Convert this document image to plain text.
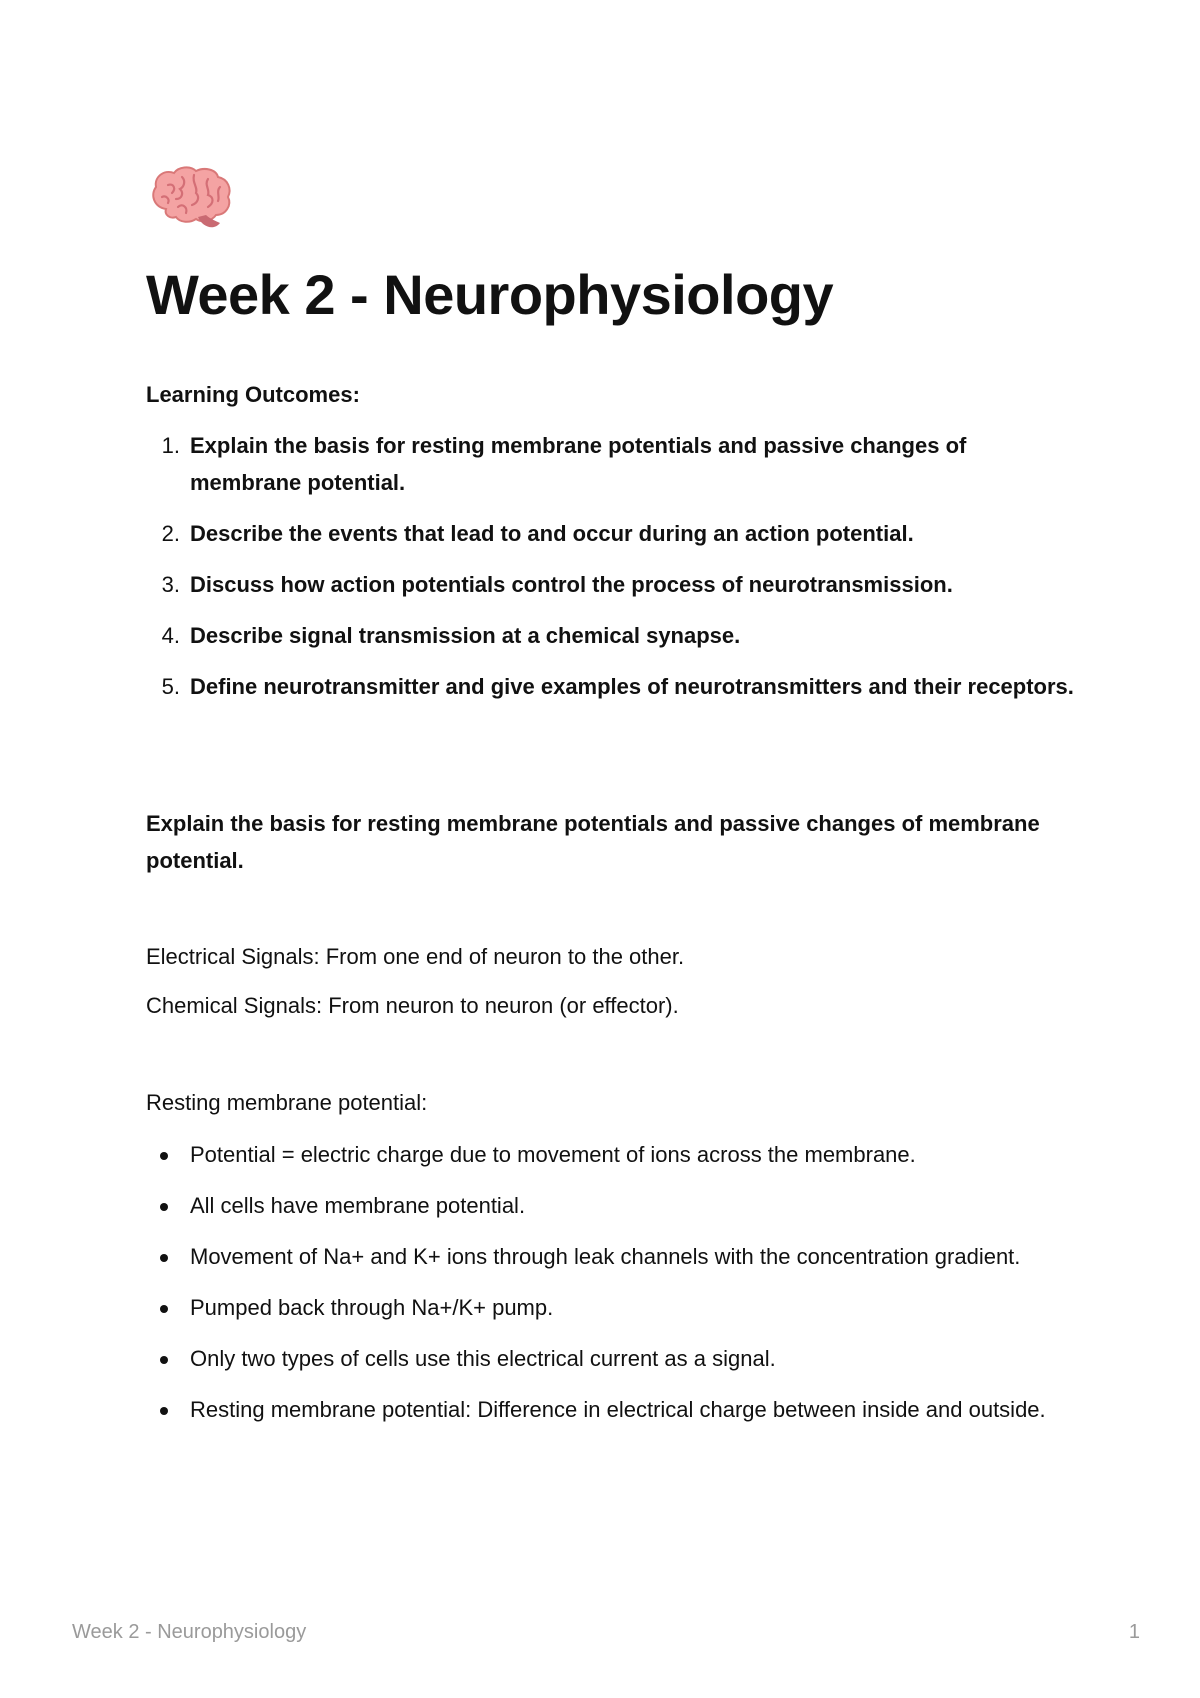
Week 2 - Neurophysiology
Learning Outcomes:
1. Explain the basis for resting membrane potentials and passive changes of membrane potential.
2. Describe the events that lead to and occur during an action potential.
3. Discuss how action potentials control the process of neurotransmission.
4. Describe signal transmission at a chemical synapse.
5. Define neurotransmitter and give examples of neurotransmitters and their receptors.
Explain the basis for resting membrane potentials and passive changes of membrane potential.

Electrical Signals: From one end of neuron to the other.

Chemical Signals: From neuron to neuron (or effector).

Resting membrane potential:

Potential = electric charge due to movement of ions across the membrane.
All cells have membrane potential.
Movement of Na+ and K+ ions through leak channels with the concentration gradient.
Pumped back through Na+/K+ pump.
Only two types of cells use this electrical current as a signal.
Resting membrane potential: Difference in electrical charge between inside and outside.
Week 2 - Neurophysiology	1
